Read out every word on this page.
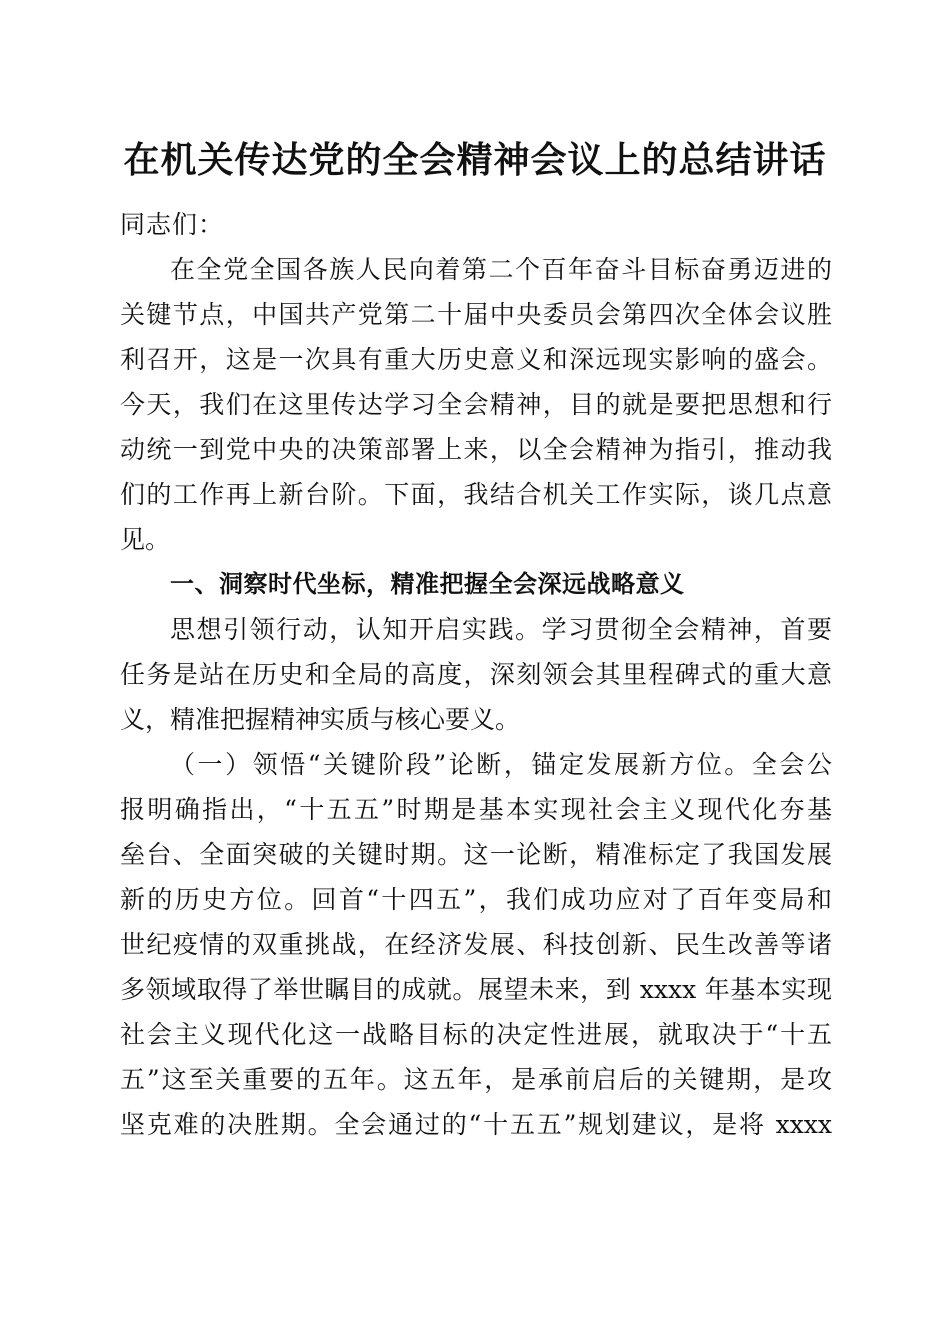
在机关传达党的全会精神会议上的总结讲话
同志们：
在全党全国各族人民向着第二个百年奋斗目标奋勇迈进的
关键节点，中国共产党第二十届中央委员会第四次全体会议胜
利召开，这是一次具有重大历史意义和深远现实影响的盛会。
今天，我们在这里传达学习全会精神，目的就是要把思想和行
动统一到党中央的决策部署上来，以全会精神为指引，推动我
们的工作再上新台阶。下面，我结合机关工作实际，谈几点意
见。
一、洞察时代坐标，精准把握全会深远战略意义
思想引领行动，认知开启实践。学习贯彻全会精神，首要
任务是站在历史和全局的高度，深刻领会其里程碑式的重大意
义，精准把握精神实质与核心要义。
（一）领悟“关键阶段”论断，锚定发展新方位。全会公
报明确指出，“十五五”时期是基本实现社会主义现代化夯基
垒台、全面突破的关键时期。这一论断，精准标定了我国发展
新的历史方位。回首“十四五”，我们成功应对了百年变局和
世纪疫情的双重挑战，在经济发展、科技创新、民生改善等诸
多领域取得了举世瞩目的成就。展望未来，到 xxxx 年基本实现
社会主义现代化这一战略目标的决定性进展，就取决于“十五
五”这至关重要的五年。这五年，是承前启后的关键期，是攻
坚克难的决胜期。全会通过的“十五五”规划建议，是将 xxxx
